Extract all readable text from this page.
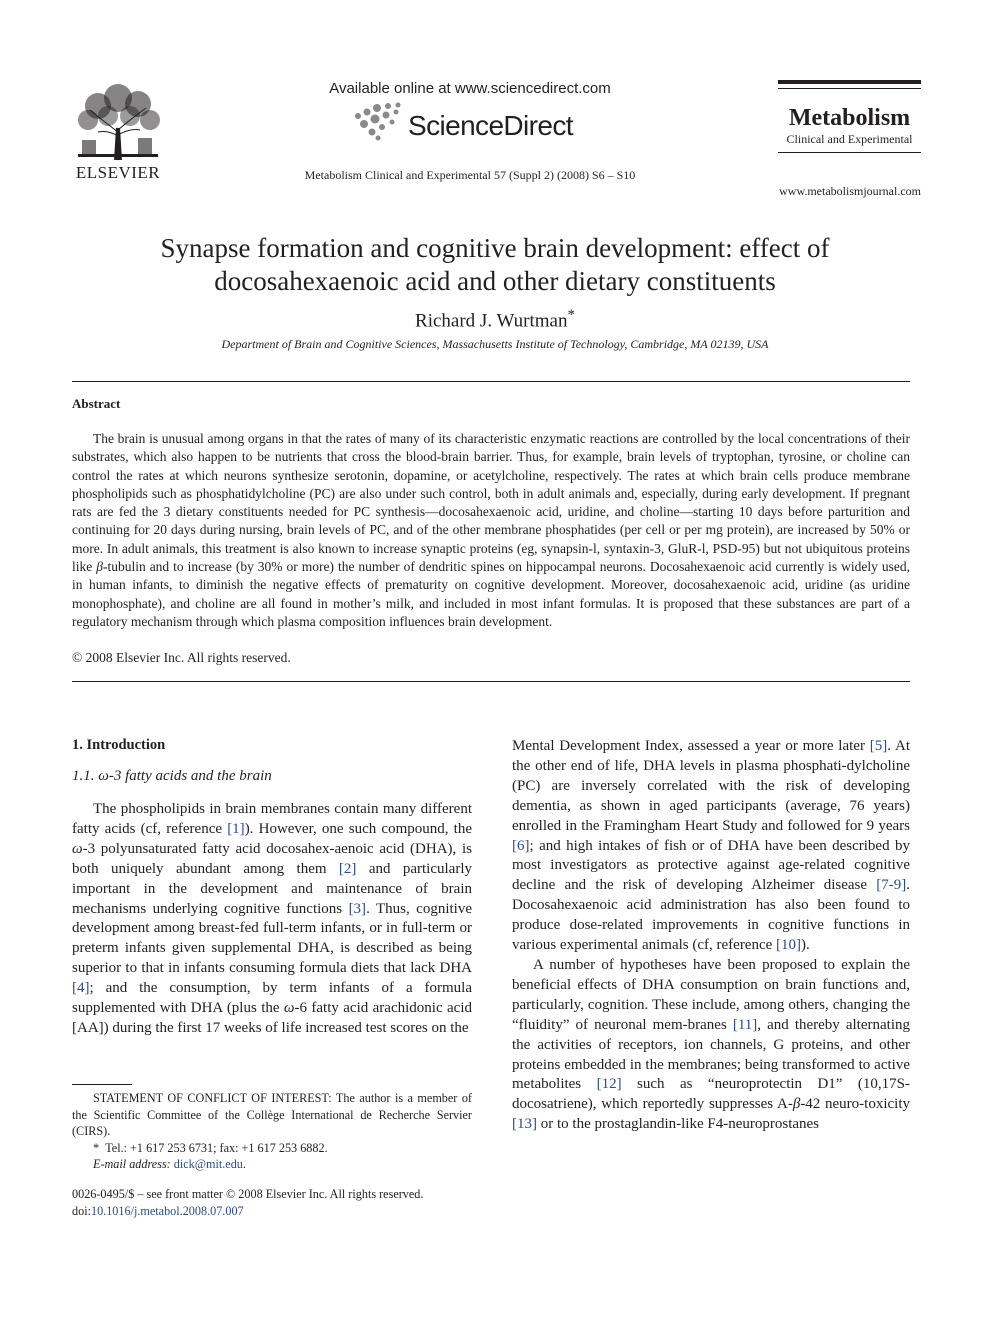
ELSEVIER
Available online at www.sciencedirect.com
ScienceDirect
Metabolism Clinical and Experimental 57 (Suppl 2) (2008) S6 – S10
Metabolism
Clinical and Experimental
www.metabolismjournal.com
Synapse formation and cognitive brain development: effect of docosahexaenoic acid and other dietary constituents
Richard J. Wurtman*
Department of Brain and Cognitive Sciences, Massachusetts Institute of Technology, Cambridge, MA 02139, USA
Abstract

The brain is unusual among organs in that the rates of many of its characteristic enzymatic reactions are controlled by the local concentrations of their substrates, which also happen to be nutrients that cross the blood-brain barrier. Thus, for example, brain levels of tryptophan, tyrosine, or choline can control the rates at which neurons synthesize serotonin, dopamine, or acetylcholine, respectively. The rates at which brain cells produce membrane phospholipids such as phosphatidylcholine (PC) are also under such control, both in adult animals and, especially, during early development. If pregnant rats are fed the 3 dietary constituents needed for PC synthesis—docosahexaenoic acid, uridine, and choline—starting 10 days before parturition and continuing for 20 days during nursing, brain levels of PC, and of the other membrane phosphatides (per cell or per mg protein), are increased by 50% or more. In adult animals, this treatment is also known to increase synaptic proteins (eg, synapsin-l, syntaxin-3, GluR-l, PSD-95) but not ubiquitous proteins like β-tubulin and to increase (by 30% or more) the number of dendritic spines on hippocampal neurons. Docosahexaenoic acid currently is widely used, in human infants, to diminish the negative effects of prematurity on cognitive development. Moreover, docosahexaenoic acid, uridine (as uridine monophosphate), and choline are all found in mother’s milk, and included in most infant formulas. It is proposed that these substances are part of a regulatory mechanism through which plasma composition influences brain development.

© 2008 Elsevier Inc. All rights reserved.
1. Introduction
1.1. ω-3 fatty acids and the brain

The phospholipids in brain membranes contain many different fatty acids (cf, reference [1]). However, one such compound, the ω-3 polyunsaturated fatty acid docosahex-aenoic acid (DHA), is both uniquely abundant among them [2] and particularly important in the development and maintenance of brain mechanisms underlying cognitive functions [3]. Thus, cognitive development among breast-fed full-term infants, or in full-term or preterm infants given supplemental DHA, is described as being superior to that in infants consuming formula diets that lack DHA [4]; and the consumption, by term infants of a formula supplemented with DHA (plus the ω-6 fatty acid arachidonic acid [AA]) during the first 17 weeks of life increased test scores on the

STATEMENT OF CONFLICT OF INTEREST: The author is a member of the Scientific Committee of the Collège International de Recherche Servier (CIRS).

* Tel.: +1 617 253 6731; fax: +1 617 253 6882.

E-mail address: dick@mit.edu.

0026-0495/$ – see front matter © 2008 Elsevier Inc. All rights reserved.
doi:10.1016/j.metabol.2008.07.007

Mental Development Index, assessed a year or more later [5]. At the other end of life, DHA levels in plasma phosphati-dylcholine (PC) are inversely correlated with the risk of developing dementia, as shown in aged participants (average, 76 years) enrolled in the Framingham Heart Study and followed for 9 years [6]; and high intakes of fish or of DHA have been described by most investigators as protective against age-related cognitive decline and the risk of developing Alzheimer disease [7-9]. Docosahexaenoic acid administration has also been found to produce dose-related improvements in cognitive functions in various experimental animals (cf, reference [10]).

A number of hypotheses have been proposed to explain the beneficial effects of DHA consumption on brain functions and, particularly, cognition. These include, among others, changing the “fluidity” of neuronal mem-branes [11], and thereby alternating the activities of receptors, ion channels, G proteins, and other proteins embedded in the membranes; being transformed to active metabolites [12] such as “neuroprotectin D1” (10,17S-docosatriene), which reportedly suppresses A-β-42 neuro-toxicity [13] or to the prostaglandin-like F4-neuroprostanes
